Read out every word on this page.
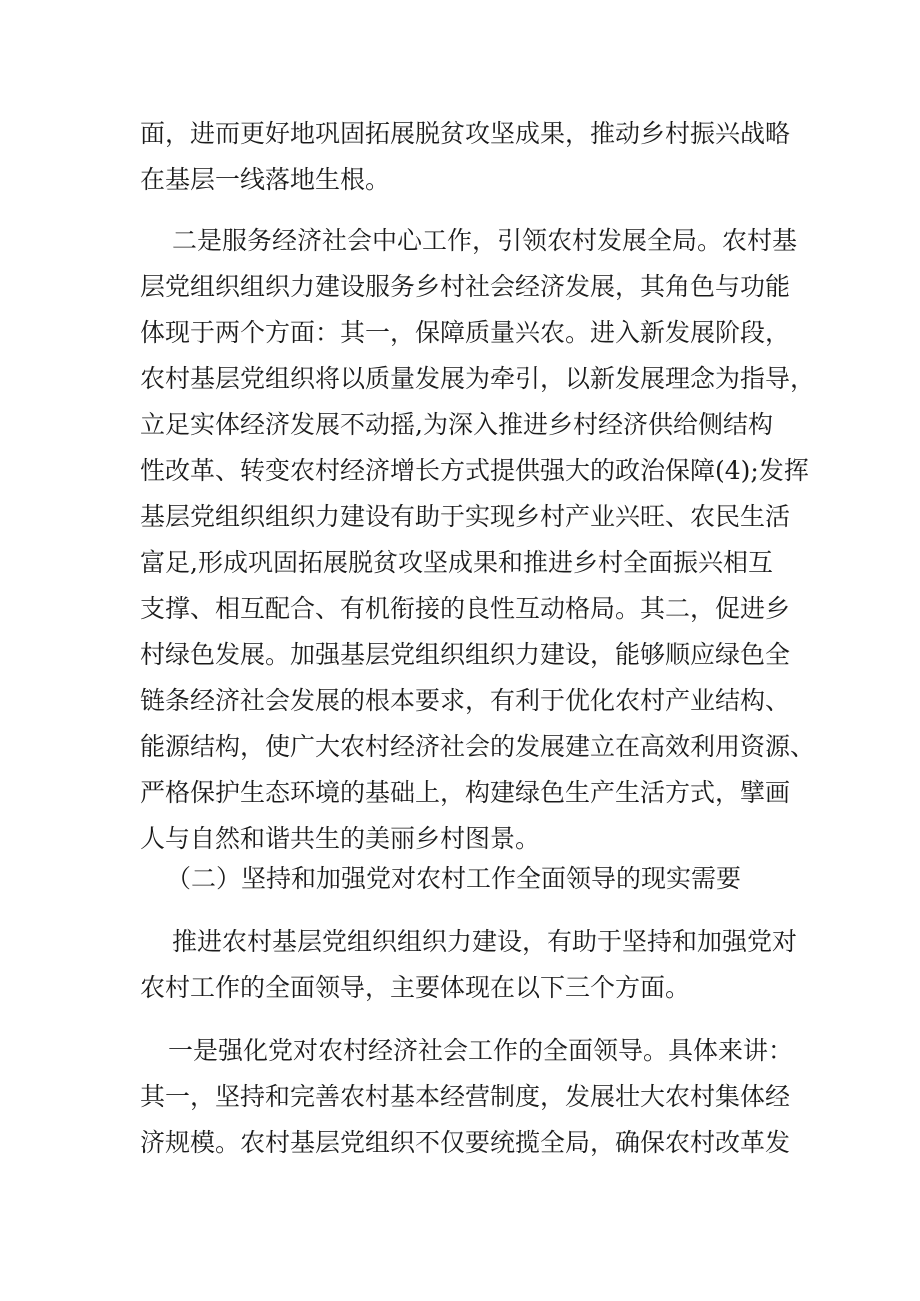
面，进而更好地巩固拓展脱贫攻坚成果，推动乡村振兴战略
在基层一线落地生根。
二是服务经济社会中心工作，引领农村发展全局。农村基
层党组织组织力建设服务乡村社会经济发展，其角色与功能
体现于两个方面：其一，保障质量兴农。进入新发展阶段，
农村基层党组织将以质量发展为牵引，以新发展理念为指导，
立足实体经济发展不动摇,为深入推进乡村经济供给侧结构
性改革、转变农村经济增长方式提供强大的政治保障(4);发挥
基层党组织组织力建设有助于实现乡村产业兴旺、农民生活
富足,形成巩固拓展脱贫攻坚成果和推进乡村全面振兴相互
支撑、相互配合、有机衔接的良性互动格局。其二，促进乡
村绿色发展。加强基层党组织组织力建设，能够顺应绿色全
链条经济社会发展的根本要求，有利于优化农村产业结构、
能源结构，使广大农村经济社会的发展建立在高效利用资源、
严格保护生态环境的基础上，构建绿色生产生活方式，擘画
人与自然和谐共生的美丽乡村图景。
（二）坚持和加强党对农村工作全面领导的现实需要
推进农村基层党组织组织力建设，有助于坚持和加强党对
农村工作的全面领导，主要体现在以下三个方面。
一是强化党对农村经济社会工作的全面领导。具体来讲：
其一，坚持和完善农村基本经营制度，发展壮大农村集体经
济规模。农村基层党组织不仅要统揽全局，确保农村改革发
